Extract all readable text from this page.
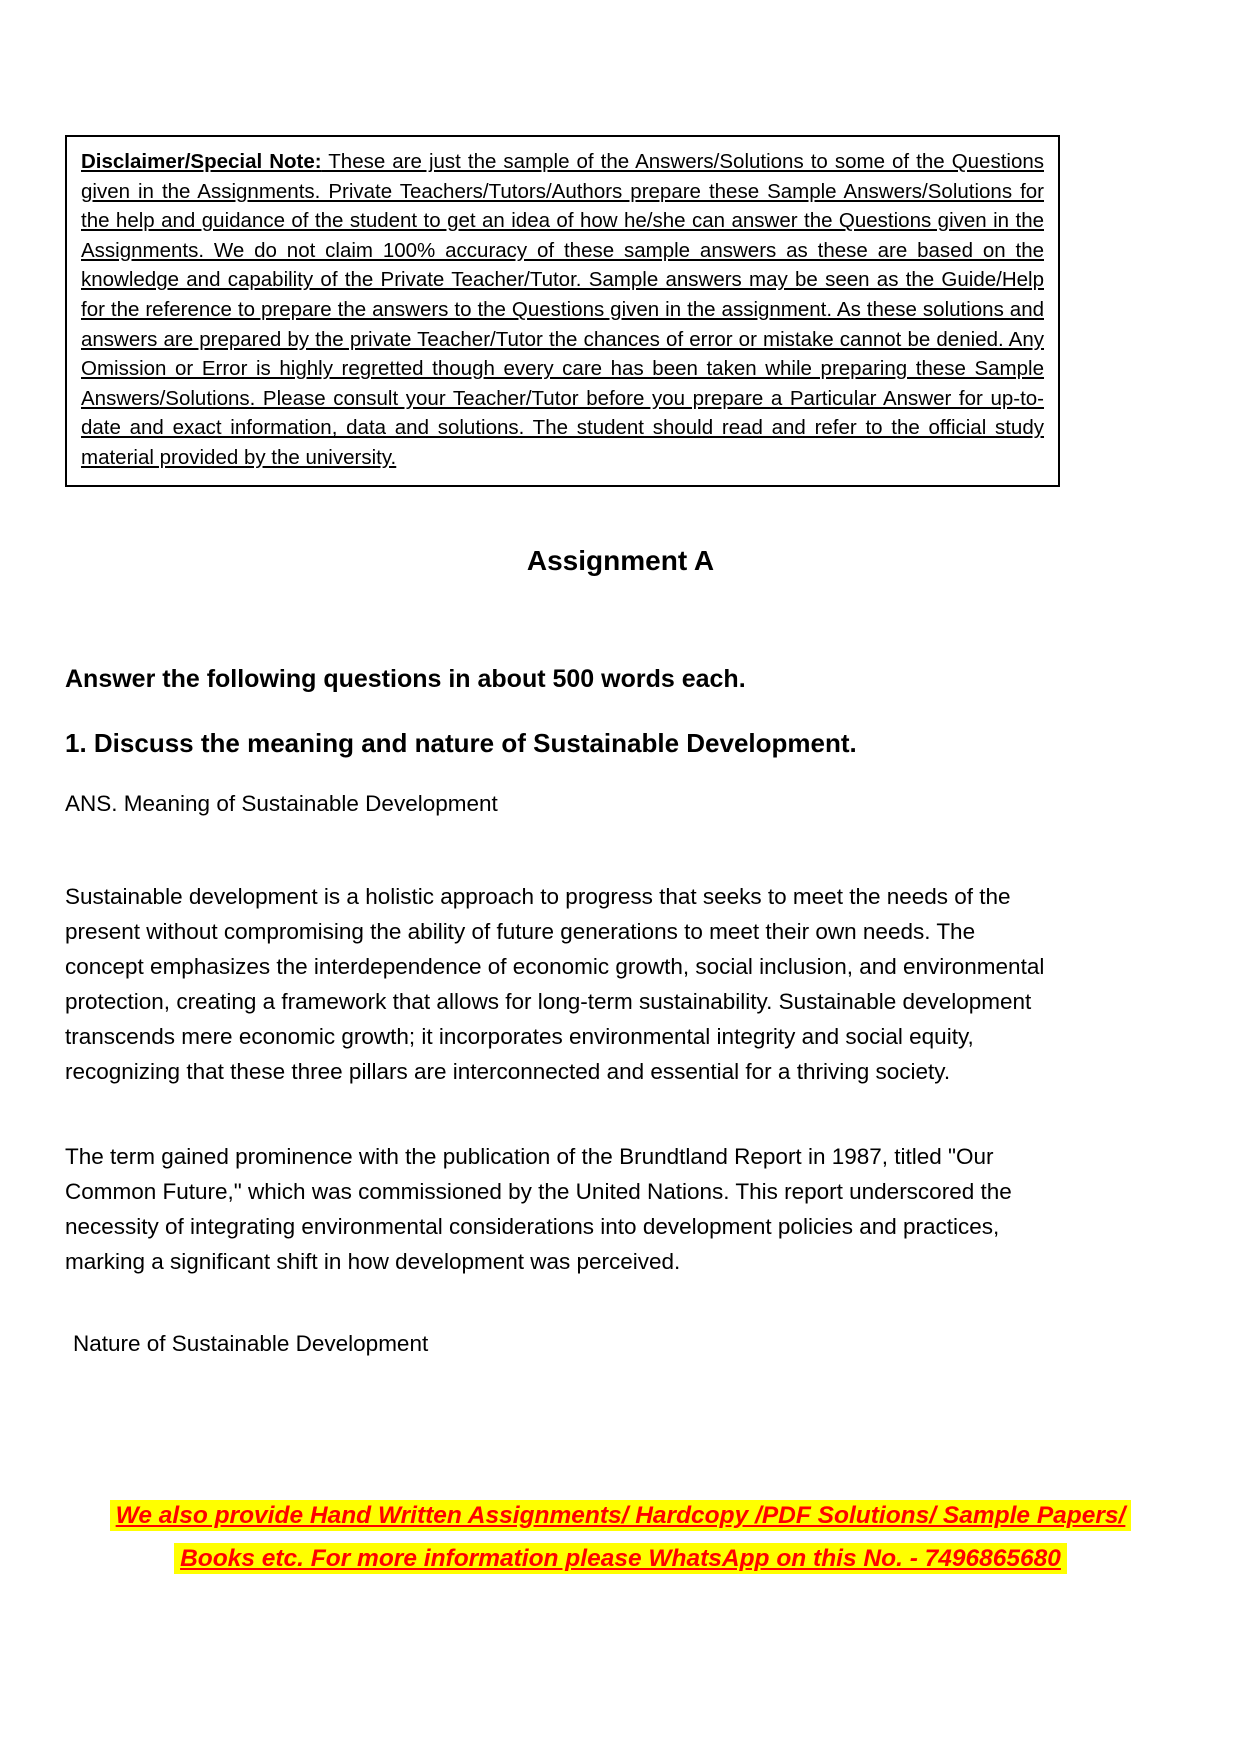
Disclaimer/Special Note: These are just the sample of the Answers/Solutions to some of the Questions given in the Assignments. Private Teachers/Tutors/Authors prepare these Sample Answers/Solutions for the help and guidance of the student to get an idea of how he/she can answer the Questions given in the Assignments. We do not claim 100% accuracy of these sample answers as these are based on the knowledge and capability of the Private Teacher/Tutor. Sample answers may be seen as the Guide/Help for the reference to prepare the answers to the Questions given in the assignment. As these solutions and answers are prepared by the private Teacher/Tutor the chances of error or mistake cannot be denied. Any Omission or Error is highly regretted though every care has been taken while preparing these Sample Answers/Solutions. Please consult your Teacher/Tutor before you prepare a Particular Answer for up-to-date and exact information, data and solutions. The student should read and refer to the official study material provided by the university.

Assignment A

Answer the following questions in about 500 words each.

1. Discuss the meaning and nature of Sustainable Development.

ANS. Meaning of Sustainable Development

Sustainable development is a holistic approach to progress that seeks to meet the needs of the present without compromising the ability of future generations to meet their own needs. The concept emphasizes the interdependence of economic growth, social inclusion, and environmental protection, creating a framework that allows for long-term sustainability. Sustainable development transcends mere economic growth; it incorporates environmental integrity and social equity, recognizing that these three pillars are interconnected and essential for a thriving society.

The term gained prominence with the publication of the Brundtland Report in 1987, titled "Our Common Future," which was commissioned by the United Nations. This report underscored the necessity of integrating environmental considerations into development policies and practices, marking a significant shift in how development was perceived.

Nature of Sustainable Development

We also provide Hand Written Assignments/ Hardcopy /PDF Solutions/ Sample Papers/
Books etc. For more information please WhatsApp on this No. - 7496865680
